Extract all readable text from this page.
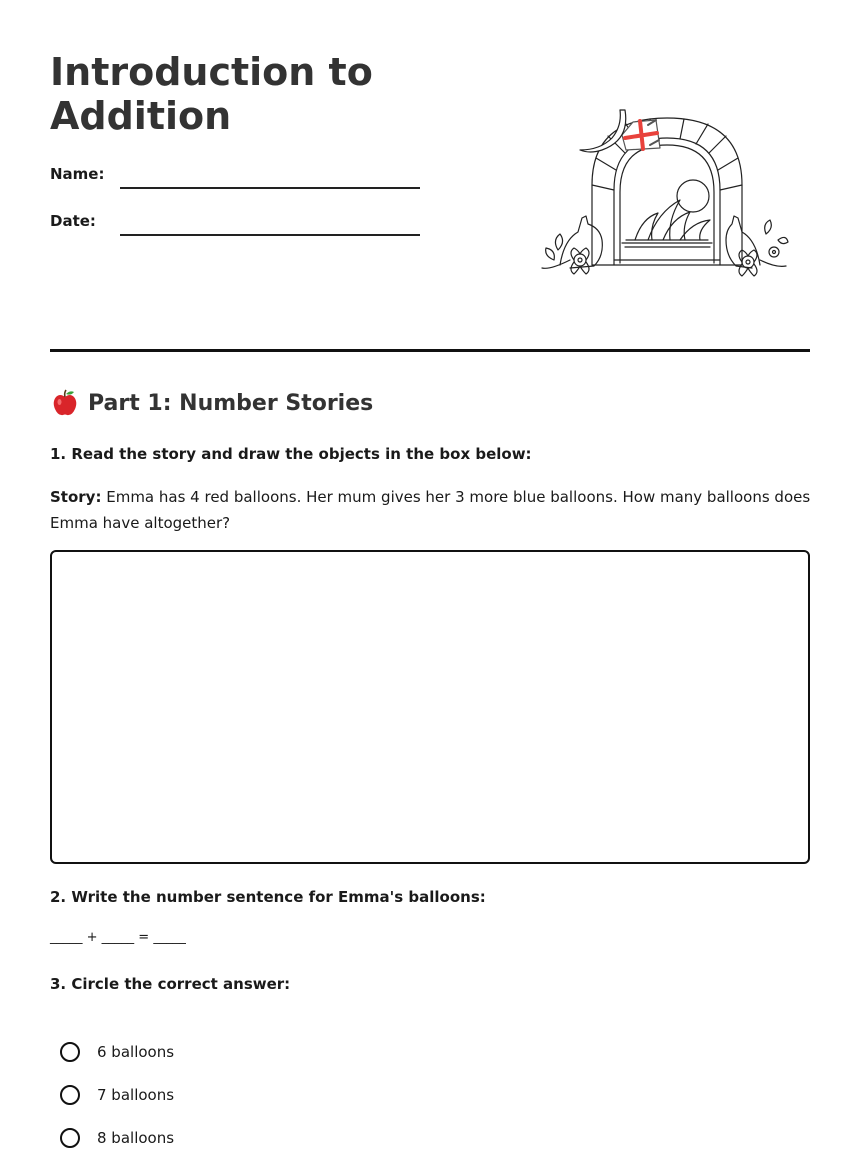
Introduction to Addition
Name:
Date:
Part 1: Number Stories

1. Read the story and draw the objects in the box below:

Story: Emma has 4 red balloons. Her mum gives her 3 more blue balloons. How many balloons does Emma have altogether?

2. Write the number sentence for Emma's balloons:

_____ + _____ = _____

3. Circle the correct answer:

6 balloons
7 balloons
8 balloons
